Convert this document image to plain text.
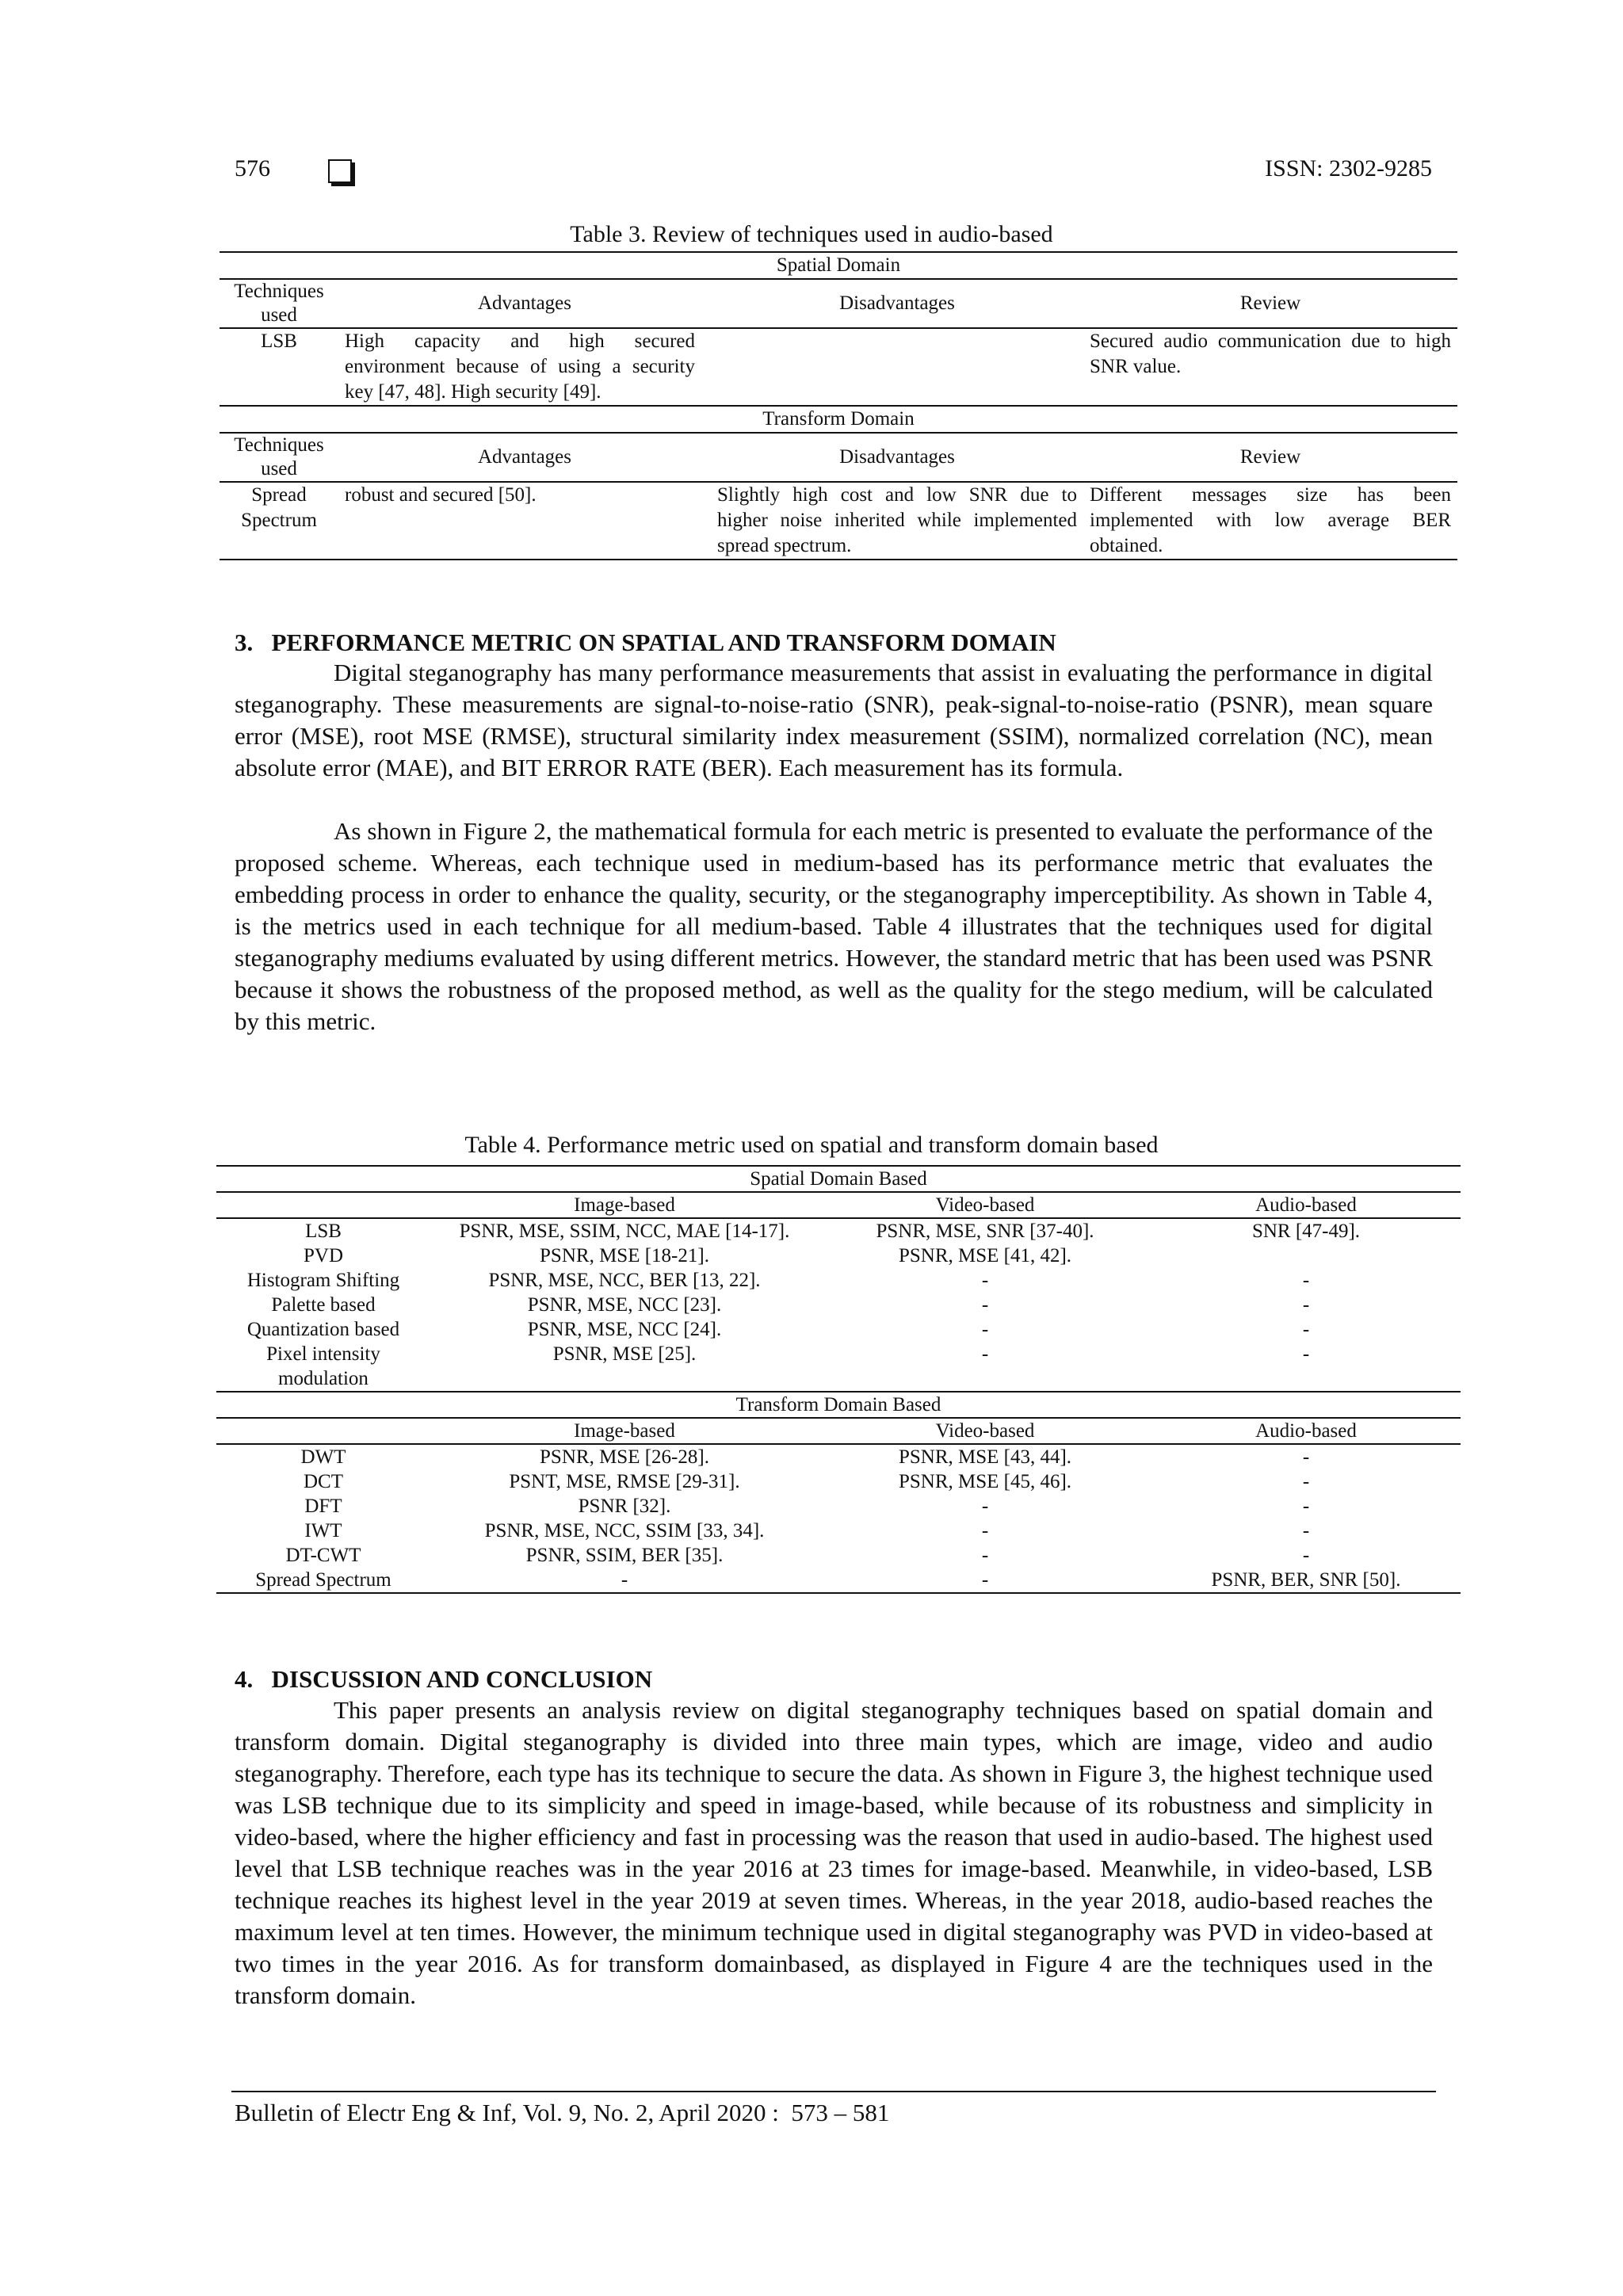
576	ISSN: 2302-9285
Table 3. Review of techniques used in audio-based
Spatial Domain			
Techniques used	Advantages	Disadvantages	Review
LSB	High capacity and high secured environment because of using a security key [47, 48]. High security [49].		Secured audio communication due to high SNR value.
Transform Domain			
Techniques used	Advantages	Disadvantages	Review
Spread Spectrum	robust and secured [50].	Slightly high cost and low SNR due to higher noise inherited while implemented spread spectrum.	Different messages size has been implemented with low average BER obtained.
3.   PERFORMANCE METRIC ON SPATIAL AND TRANSFORM DOMAIN
Digital steganography has many performance measurements that assist in evaluating the performance in digital steganography. These measurements are signal-to-noise-ratio (SNR), peak-signal-to-noise-ratio (PSNR), mean square error (MSE), root MSE (RMSE), structural similarity index measurement (SSIM), normalized correlation (NC), mean absolute error (MAE), and BIT ERROR RATE (BER). Each measurement has its formula.
As shown in Figure 2, the mathematical formula for each metric is presented to evaluate the performance of the proposed scheme. Whereas, each technique used in medium-based has its performance metric that evaluates the embedding process in order to enhance the quality, security, or the steganography imperceptibility. As shown in Table 4, is the metrics used in each technique for all medium-based. Table 4 illustrates that the techniques used for digital steganography mediums evaluated by using different metrics. However, the standard metric that has been used was PSNR because it shows the robustness of the proposed method, as well as the quality for the stego medium, will be calculated by this metric.
Table 4. Performance metric used on spatial and transform domain based
Spatial Domain Based			
	Image-based	Video-based	Audio-based
LSB	PSNR, MSE, SSIM, NCC, MAE [14-17].	PSNR, MSE, SNR [37-40].	SNR [47-49].
PVD	PSNR, MSE [18-21].	PSNR, MSE [41, 42].	
Histogram Shifting	PSNR, MSE, NCC, BER [13, 22].	-	-
Palette based	PSNR, MSE, NCC [23].	-	-
Quantization based	PSNR, MSE, NCC [24].	-	-
Pixel intensity modulation	PSNR, MSE [25].	-	-
Transform Domain Based			
	Image-based	Video-based	Audio-based
DWT	PSNR, MSE [26-28].	PSNR, MSE [43, 44].	-
DCT	PSNT, MSE, RMSE [29-31].	PSNR, MSE [45, 46].	-
DFT	PSNR [32].	-	-
IWT	PSNR, MSE, NCC, SSIM [33, 34].	-	-
DT-CWT	PSNR, SSIM, BER [35].	-	-
Spread Spectrum	-	-	PSNR, BER, SNR [50].
4.   DISCUSSION AND CONCLUSION
This paper presents an analysis review on digital steganography techniques based on spatial domain and transform domain. Digital steganography is divided into three main types, which are image, video and audio steganography. Therefore, each type has its technique to secure the data. As shown in Figure 3, the highest technique used was LSB technique due to its simplicity and speed in image-based, while because of its robustness and simplicity in video-based, where the higher efficiency and fast in processing was the reason that used in audio-based. The highest used level that LSB technique reaches was in the year 2016 at 23 times for image-based. Meanwhile, in video-based, LSB technique reaches its highest level in the year 2019 at seven times. Whereas, in the year 2018, audio-based reaches the maximum level at ten times. However, the minimum technique used in digital steganography was PVD in video-based at two times in the year 2016. As for transform domainbased, as displayed in Figure 4 are the techniques used in the transform domain.
Bulletin of Electr Eng & Inf, Vol. 9, No. 2, April 2020 :  573 – 581
